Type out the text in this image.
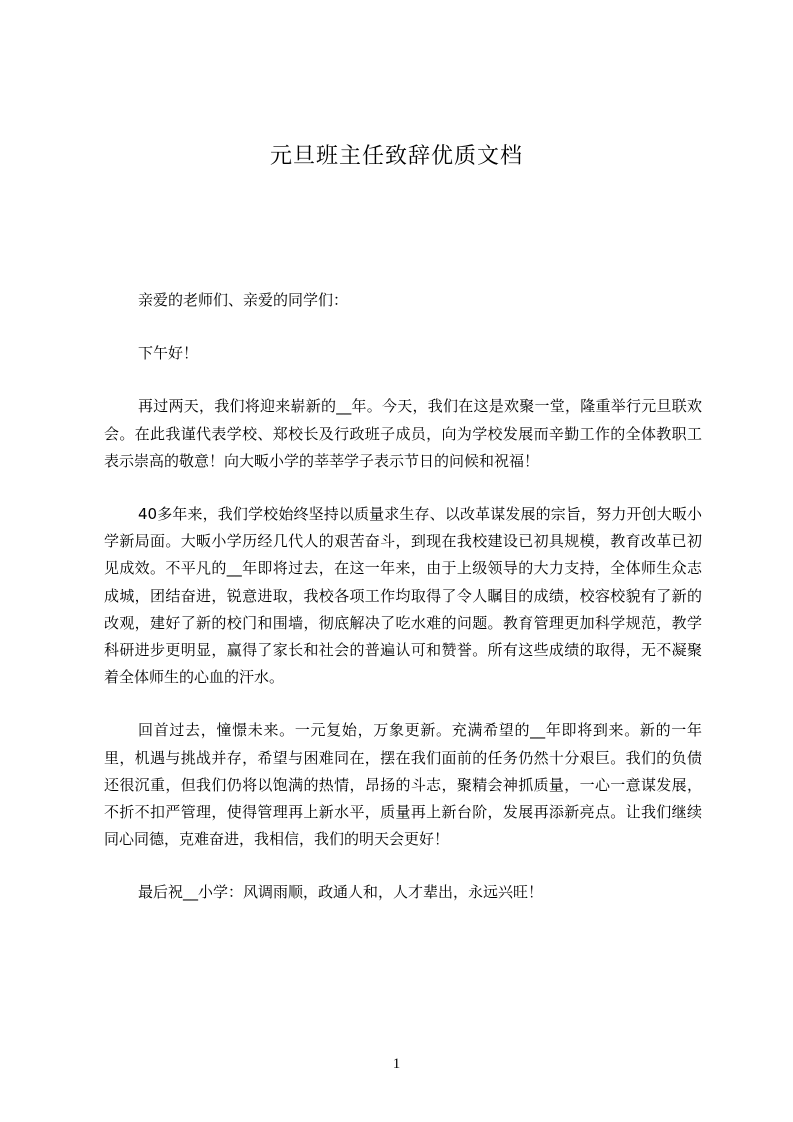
元旦班主任致辞优质文档

亲爱的老师们、亲爱的同学们：

下午好！

再过两天，我们将迎来崭新的__年。今天，我们在这是欢聚一堂，隆重举行元旦联欢会。在此我谨代表学校、郑校长及行政班子成员，向为学校发展而辛勤工作的全体教职工表示崇高的敬意！向大畈小学的莘莘学子表示节日的问候和祝福！

40多年来，我们学校始终坚持以质量求生存、以改革谋发展的宗旨，努力开创大畈小学新局面。大畈小学历经几代人的艰苦奋斗，到现在我校建设已初具规模，教育改革已初见成效。不平凡的__年即将过去，在这一年来，由于上级领导的大力支持，全体师生众志成城，团结奋进，锐意进取，我校各项工作均取得了令人瞩目的成绩，校容校貌有了新的改观，建好了新的校门和围墙，彻底解决了吃水难的问题。教育管理更加科学规范，教学科研进步更明显，赢得了家长和社会的普遍认可和赞誉。所有这些成绩的取得，无不凝聚着全体师生的心血的汗水。

回首过去，憧憬未来。一元复始，万象更新。充满希望的__年即将到来。新的一年里，机遇与挑战并存，希望与困难同在，摆在我们面前的任务仍然十分艰巨。我们的负债还很沉重，但我们仍将以饱满的热情，昂扬的斗志，聚精会神抓质量，一心一意谋发展，不折不扣严管理，使得管理再上新水平，质量再上新台阶，发展再添新亮点。让我们继续同心同德，克难奋进，我相信，我们的明天会更好！

最后祝__小学：风调雨顺，政通人和，人才辈出，永远兴旺！

1
